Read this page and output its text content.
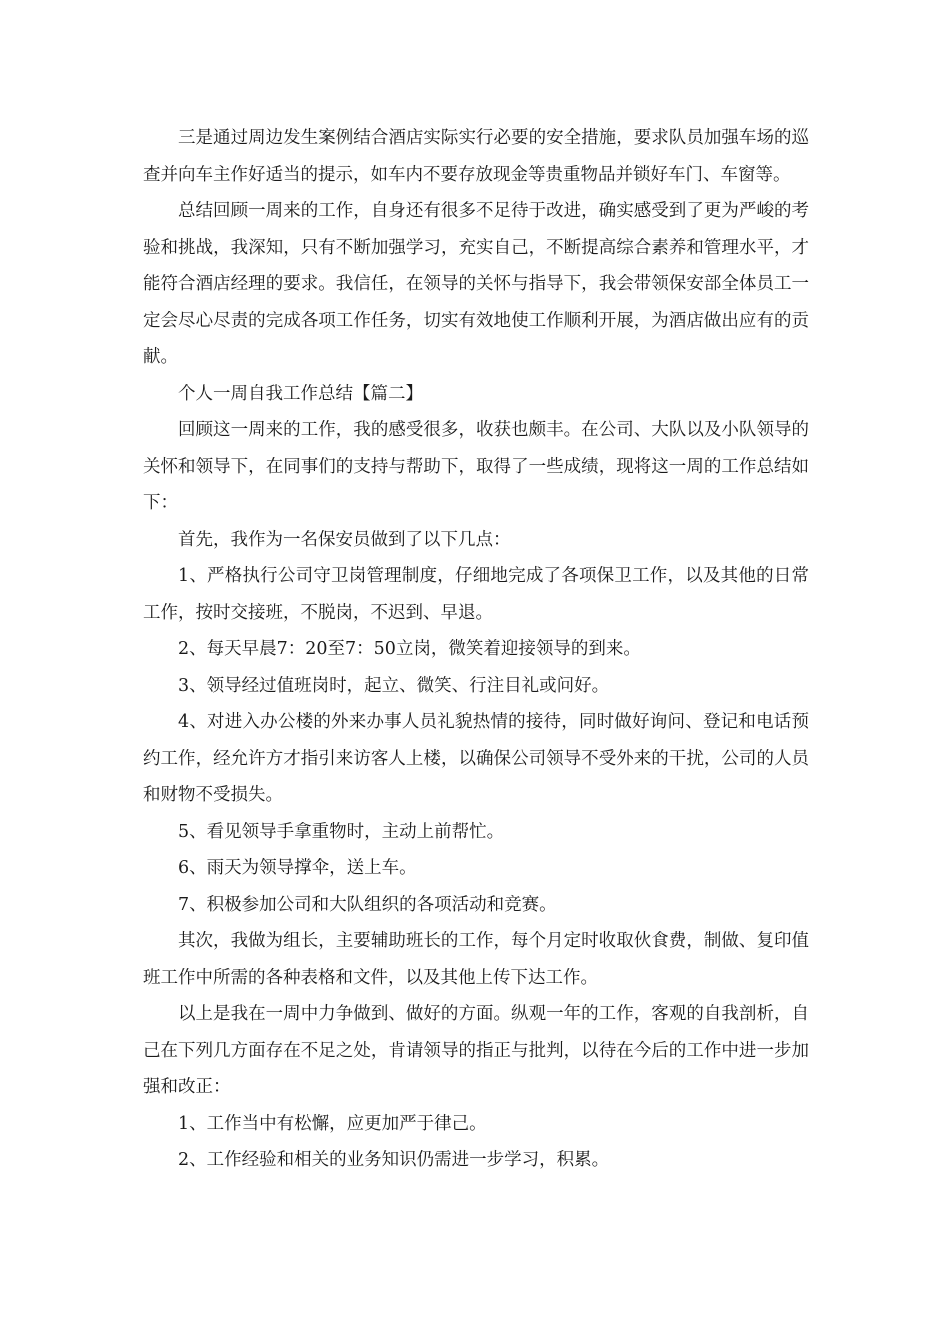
三是通过周边发生案例结合酒店实际实行必要的安全措施，要求队员加强车场的巡查并向车主作好适当的提示，如车内不要存放现金等贵重物品并锁好车门、车窗等。

总结回顾一周来的工作，自身还有很多不足待于改进，确实感受到了更为严峻的考验和挑战，我深知，只有不断加强学习，充实自己，不断提高综合素养和管理水平，才能符合酒店经理的要求。我信任，在领导的关怀与指导下，我会带领保安部全体员工一定会尽心尽责的完成各项工作任务，切实有效地使工作顺利开展，为酒店做出应有的贡献。

个人一周自我工作总结【篇二】

回顾这一周来的工作，我的感受很多，收获也颇丰。在公司、大队以及小队领导的关怀和领导下，在同事们的支持与帮助下，取得了一些成绩，现将这一周的工作总结如下：

首先，我作为一名保安员做到了以下几点：

1、严格执行公司守卫岗管理制度，仔细地完成了各项保卫工作，以及其他的日常工作，按时交接班，不脱岗，不迟到、早退。

2、每天早晨7：20至7：50立岗，微笑着迎接领导的到来。

3、领导经过值班岗时，起立、微笑、行注目礼或问好。

4、对进入办公楼的外来办事人员礼貌热情的接待，同时做好询问、登记和电话预约工作，经允许方才指引来访客人上楼，以确保公司领导不受外来的干扰，公司的人员和财物不受损失。

5、看见领导手拿重物时，主动上前帮忙。

6、雨天为领导撑伞，送上车。

7、积极参加公司和大队组织的各项活动和竞赛。

其次，我做为组长，主要辅助班长的工作，每个月定时收取伙食费，制做、复印值班工作中所需的各种表格和文件，以及其他上传下达工作。

以上是我在一周中力争做到、做好的方面。纵观一年的工作，客观的自我剖析，自己在下列几方面存在不足之处，肯请领导的指正与批判，以待在今后的工作中进一步加强和改正：

1、工作当中有松懈，应更加严于律己。

2、工作经验和相关的业务知识仍需进一步学习，积累。
